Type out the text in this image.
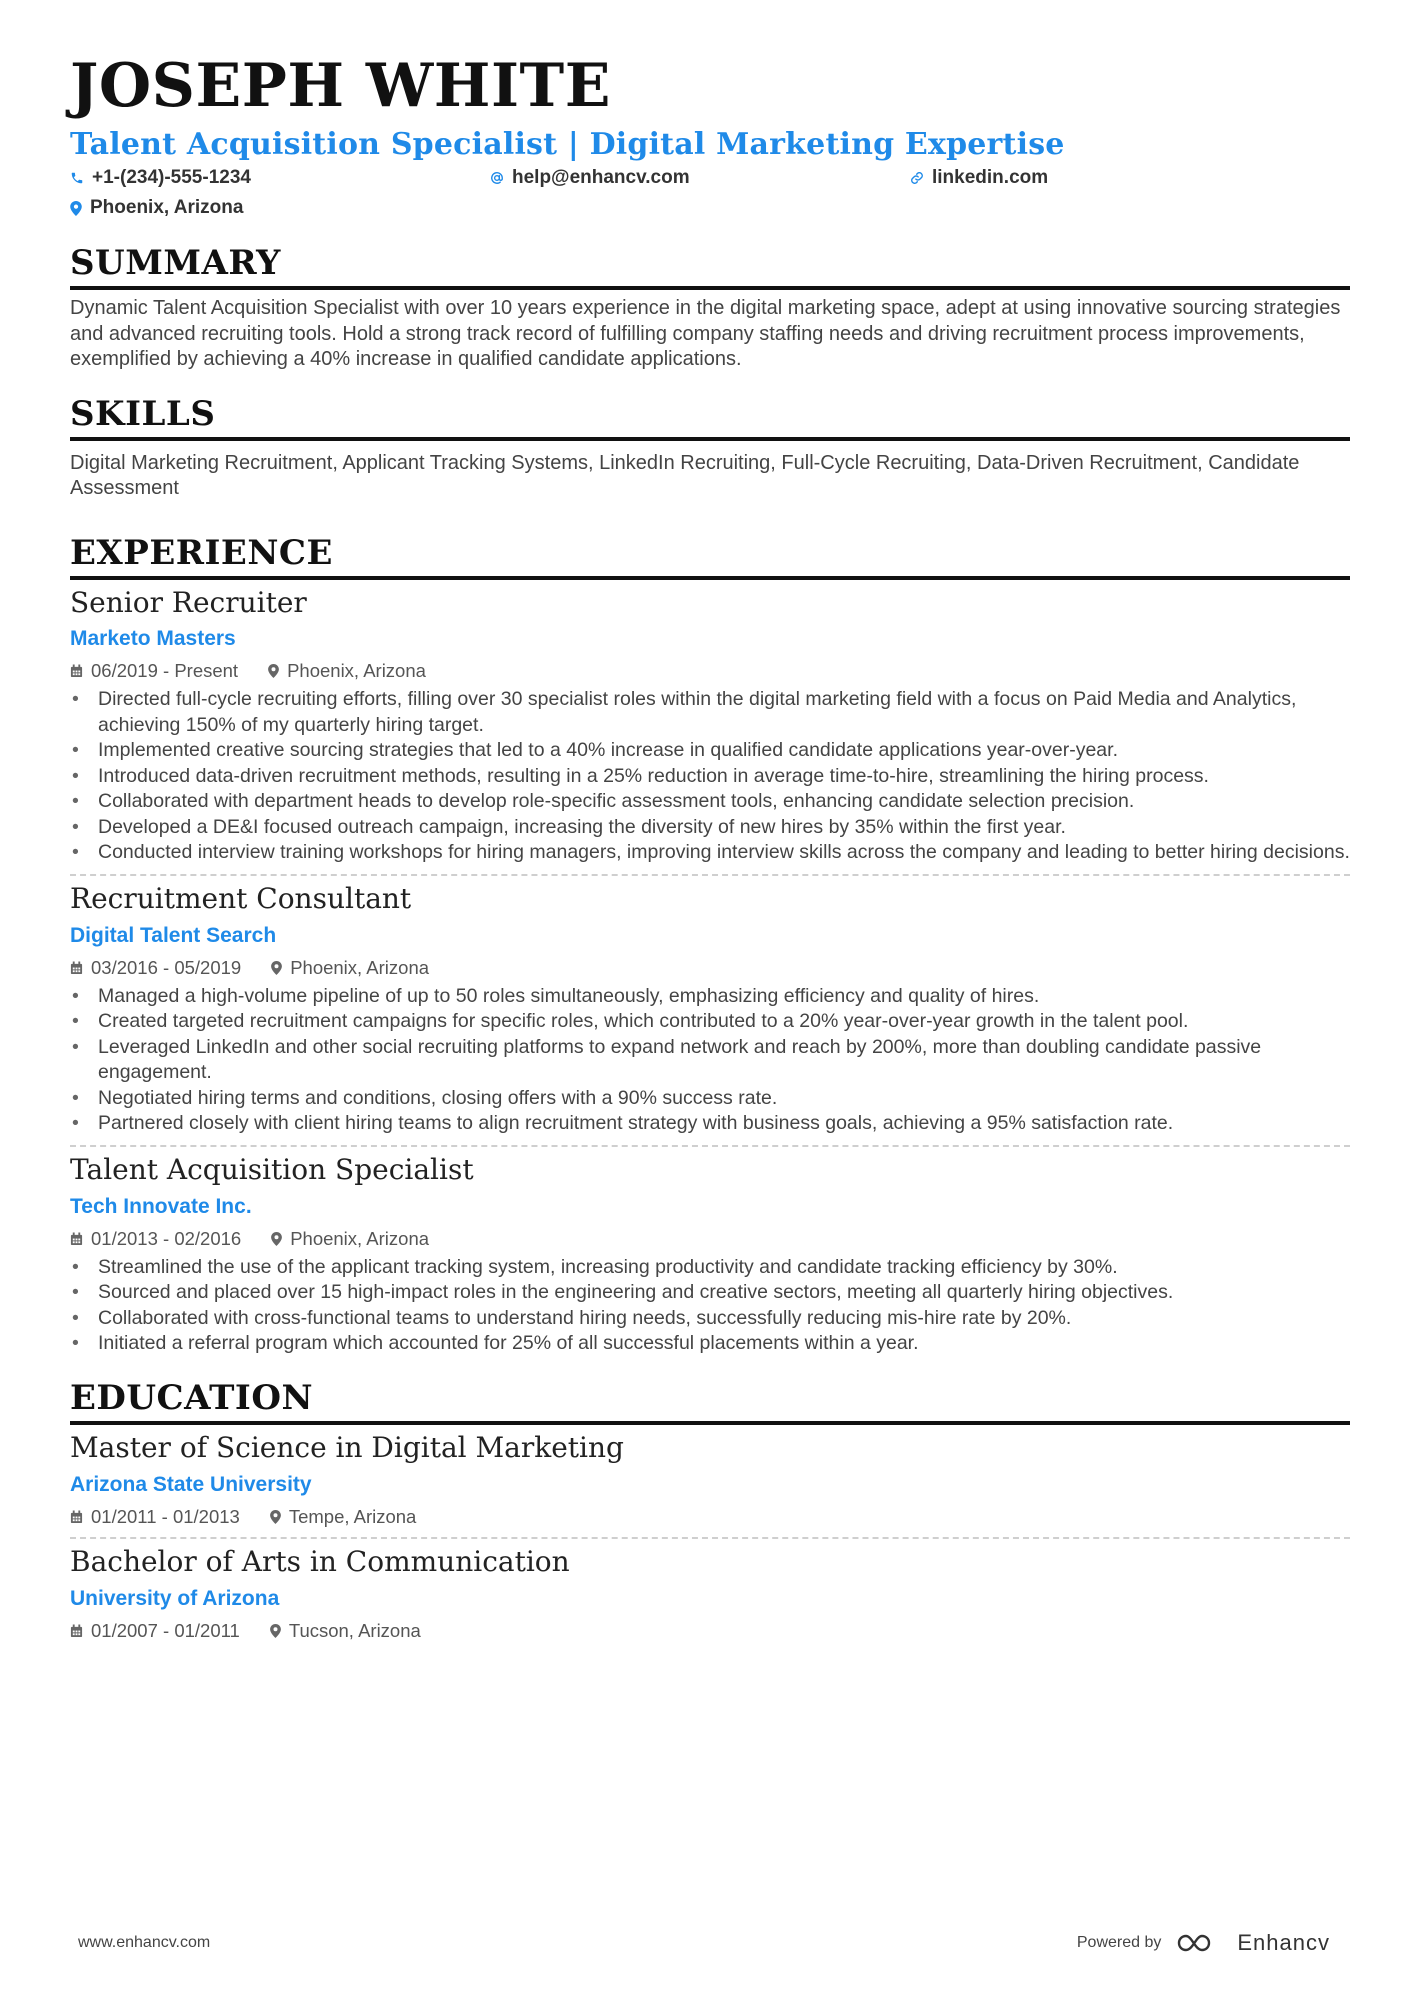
JOSEPH WHITE
Talent Acquisition Specialist | Digital Marketing Expertise
+1-(234)-555-1234	help@enhancv.com	linkedin.com
Phoenix, Arizona
SUMMARY

Dynamic Talent Acquisition Specialist with over 10 years experience in the digital marketing space, adept at using innovative sourcing strategies and advanced recruiting tools. Hold a strong track record of fulfilling company staffing needs and driving recruitment process improvements, exemplified by achieving a 40% increase in qualified candidate applications.

SKILLS

Digital Marketing Recruitment, Applicant Tracking Systems, LinkedIn Recruiting, Full-Cycle Recruiting, Data-Driven Recruitment, Candidate Assessment

EXPERIENCE
Senior Recruiter
Marketo Masters
06/2019 - Present	Phoenix, Arizona
• Directed full-cycle recruiting efforts, filling over 30 specialist roles within the digital marketing field with a focus on Paid Media and Analytics, achieving 150% of my quarterly hiring target.
• Implemented creative sourcing strategies that led to a 40% increase in qualified candidate applications year-over-year.
• Introduced data-driven recruitment methods, resulting in a 25% reduction in average time-to-hire, streamlining the hiring process.
• Collaborated with department heads to develop role-specific assessment tools, enhancing candidate selection precision.
• Developed a DE&I focused outreach campaign, increasing the diversity of new hires by 35% within the first year.
• Conducted interview training workshops for hiring managers, improving interview skills across the company and leading to better hiring decisions.
Recruitment Consultant
Digital Talent Search
03/2016 - 05/2019	Phoenix, Arizona
• Managed a high-volume pipeline of up to 50 roles simultaneously, emphasizing efficiency and quality of hires.
• Created targeted recruitment campaigns for specific roles, which contributed to a 20% year-over-year growth in the talent pool.
• Leveraged LinkedIn and other social recruiting platforms to expand network and reach by 200%, more than doubling candidate passive engagement.
• Negotiated hiring terms and conditions, closing offers with a 90% success rate.
• Partnered closely with client hiring teams to align recruitment strategy with business goals, achieving a 95% satisfaction rate.
Talent Acquisition Specialist
Tech Innovate Inc.
01/2013 - 02/2016	Phoenix, Arizona
• Streamlined the use of the applicant tracking system, increasing productivity and candidate tracking efficiency by 30%.
• Sourced and placed over 15 high-impact roles in the engineering and creative sectors, meeting all quarterly hiring objectives.
• Collaborated with cross-functional teams to understand hiring needs, successfully reducing mis-hire rate by 20%.
• Initiated a referral program which accounted for 25% of all successful placements within a year.
EDUCATION
Master of Science in Digital Marketing
Arizona State University
01/2011 - 01/2013	Tempe, Arizona
Bachelor of Arts in Communication
University of Arizona
01/2007 - 01/2011	Tucson, Arizona
www.enhancv.com	Powered by	Enhancv
